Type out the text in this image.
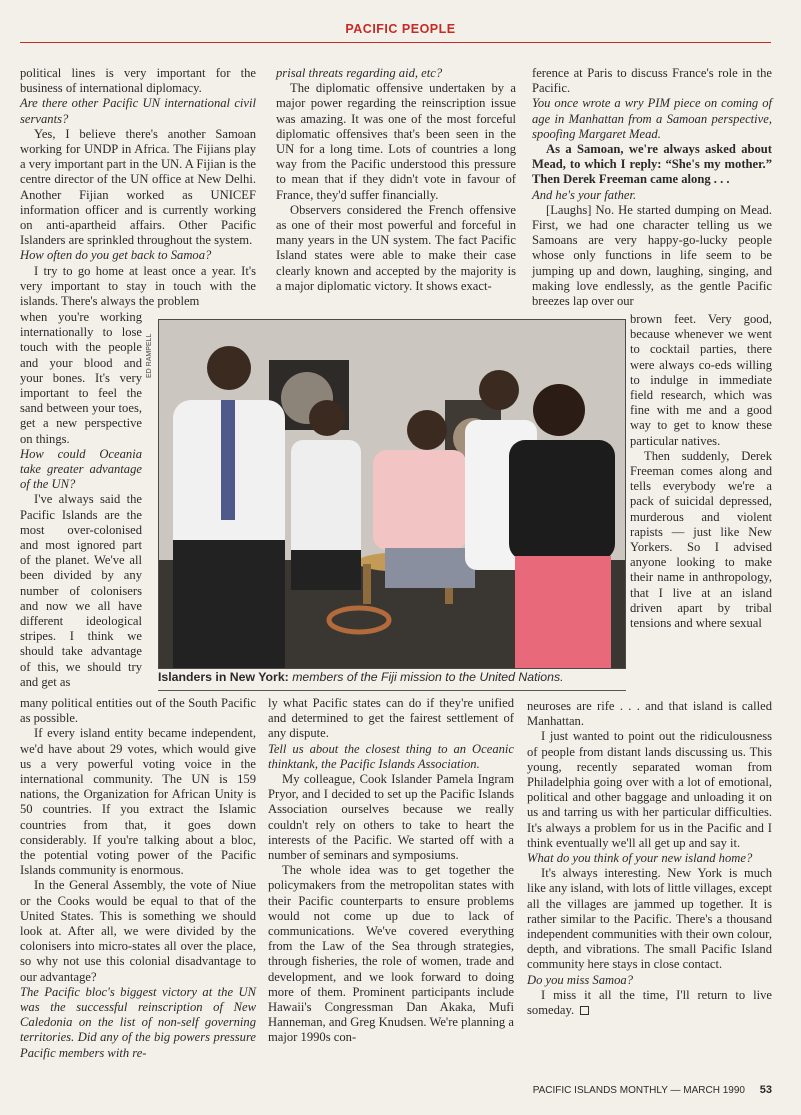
PACIFIC PEOPLE

political lines is very important for the business of international diplomacy.

Are there other Pacific UN international civil servants?

Yes, I believe there's another Samoan working for UNDP in Africa. The Fijians play a very important part in the UN. A Fijian is the centre director of the UN office at New Delhi. Another Fijian worked as UNICEF information officer and is currently working on anti-apartheid affairs. Other Pacific Islanders are sprinkled throughout the system.

How often do you get back to Samoa?

I try to go home at least once a year. It's very important to stay in touch with the islands. There's always the problem

when you're working internationally to lose touch with the people and your blood and your bones. It's very important to feel the sand between your toes, get a new perspective on things.

How could Oceania take greater advantage of the UN?

I've always said the Pacific Islands are the most over-colonised and most ignored part of the planet. We've all been divided by any number of colonisers and now we all have different ideological stripes. I think we should take advantage of this, we should try and get as

many political entities out of the South Pacific as possible.

If every island entity became independent, we'd have about 29 votes, which would give us a very powerful voting voice in the international community. The UN is 159 nations, the Organization for African Unity is 50 countries. If you extract the Islamic countries from that, it goes down considerably. If you're talking about a bloc, the potential voting power of the Pacific Islands community is enormous.

In the General Assembly, the vote of Niue or the Cooks would be equal to that of the United States. This is something we should look at. After all, we were divided by the colonisers into micro-states all over the place, so why not use this colonial disadvantage to our advantage?

The Pacific bloc's biggest victory at the UN was the successful reinscription of New Caledonia on the list of non-self governing territories. Did any of the big powers pressure Pacific members with re-

prisal threats regarding aid, etc?

The diplomatic offensive undertaken by a major power regarding the reinscription issue was amazing. It was one of the most forceful diplomatic offensives that's been seen in the UN for a long time. Lots of countries a long way from the Pacific understood this pressure to mean that if they didn't vote in favour of France, they'd suffer financially.

Observers considered the French offensive as one of their most powerful and forceful in many years in the UN system. The fact Pacific Island states were able to make their case clearly known and accepted by the majority is a major diplomatic victory. It shows exact-

ly what Pacific states can do if they're unified and determined to get the fairest settlement of any dispute.

Tell us about the closest thing to an Oceanic thinktank, the Pacific Islands Association.

My colleague, Cook Islander Pamela Ingram Pryor, and I decided to set up the Pacific Islands Association ourselves because we really couldn't rely on others to take to heart the interests of the Pacific. We started off with a number of seminars and symposiums.

The whole idea was to get together the policymakers from the metropolitan states with their Pacific counterparts to ensure problems would not come up due to lack of communications. We've covered everything from the Law of the Sea through strategies, through fisheries, the role of women, trade and development, and we look forward to doing more of them. Prominent participants include Hawaii's Congressman Dan Akaka, Mufi Hanneman, and Greg Knudsen. We're planning a major 1990s con-

ference at Paris to discuss France's role in the Pacific.

You once wrote a wry PIM piece on coming of age in Manhattan from a Samoan perspective, spoofing Margaret Mead.

As a Samoan, we're always asked about Mead, to which I reply: “She's my mother.” Then Derek Freeman came along . . .

And he's your father.

[Laughs] No. He started dumping on Mead. First, we had one character telling us we Samoans are very happy-go-lucky people whose only functions in life seem to be jumping up and down, laughing, singing, and making love endlessly, as the gentle Pacific breezes lap over our

brown feet. Very good, because whenever we went to cocktail parties, there were always co-eds willing to indulge in immediate field research, which was fine with me and a good way to get to know these particular natives.

Then suddenly, Derek Freeman comes along and tells everybody we're a pack of suicidal depressed, murderous and violent rapists — just like New Yorkers. So I advised anyone looking to make their name in anthropology, that I live at an island driven apart by tribal tensions and where sexual

neuroses are rife . . . and that island is called Manhattan.

I just wanted to point out the ridiculousness of people from distant lands discussing us. This young, recently separated woman from Philadelphia going over with a lot of emotional, political and other baggage and unloading it on us and tarring us with her particular difficulties. It's always a problem for us in the Pacific and I think eventually we'll all get up and say it.

What do you think of your new island home?

It's always interesting. New York is much like any island, with lots of little villages, except all the villages are jammed up together. It is rather similar to the Pacific. There's a thousand independent communities with their own colour, depth, and vibrations. The small Pacific Island community here stays in close contact.

Do you miss Samoa?

I miss it all the time, I'll return to live someday.

ED RAMPELL
Islanders in New York: members of the Fiji mission to the United Nations.
PACIFIC ISLANDS MONTHLY — MARCH 1990 53
